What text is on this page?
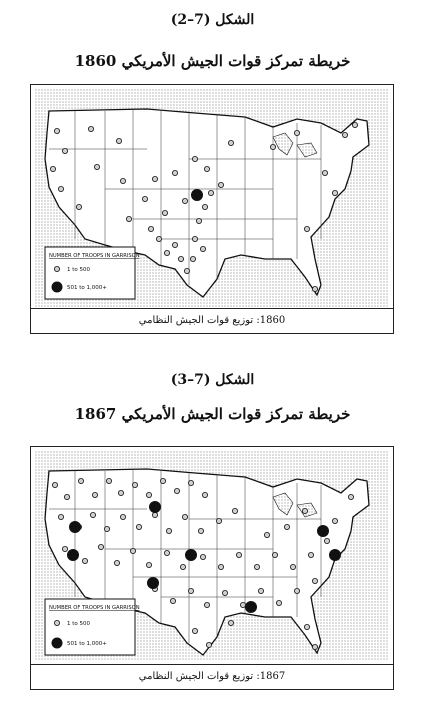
الشكل (7–2)
خريطة تمركز قوات الجيش الأمريكي 1860
NUMBER OF TROOPS IN GARRISON
1 to 500
501 to 1,000+
1860: توزيع قوات الجيش النظامي
الشكل (7–3)
خريطة تمركز قوات الجيش الأمريكي 1867
NUMBER OF TROOPS IN GARRISON
1 to 500
501 to 1,000+
1867: توزيع قوات الجيش النظامي
